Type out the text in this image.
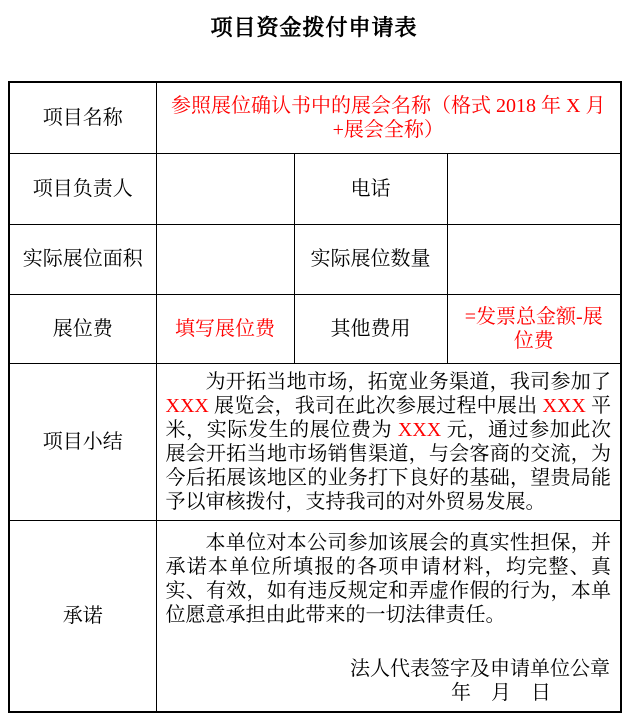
项目资金拨付申请表
项目名称	参照展位确认书中的展会名称（格式 2018 年 X 月+展会全称）		
项目负责人		电话	
实际展位面积		实际展位数量	
展位费	填写展位费	其他费用	=发票总金额-展位费
项目小结	为开拓当地市场，拓宽业务渠道，我司参加了XXX 展览会，我司在此次参展过程中展出 XXX 平米，实际发生的展位费为 XXX 元，通过参加此次展会开拓当地市场销售渠道，与会客商的交流，为今后拓展该地区的业务打下良好的基础，望贵局能予以审核拨付，支持我司的对外贸易发展。		

承诺	本单位对本公司参加该展会的真实性担保，并承诺本单位所填报的各项申请材料，均完整、真实、有效，如有违反规定和弄虚作假的行为，本单位愿意承担由此带来的一切法律责任。
法人代表签字及申请单位公章
年　月　日		
